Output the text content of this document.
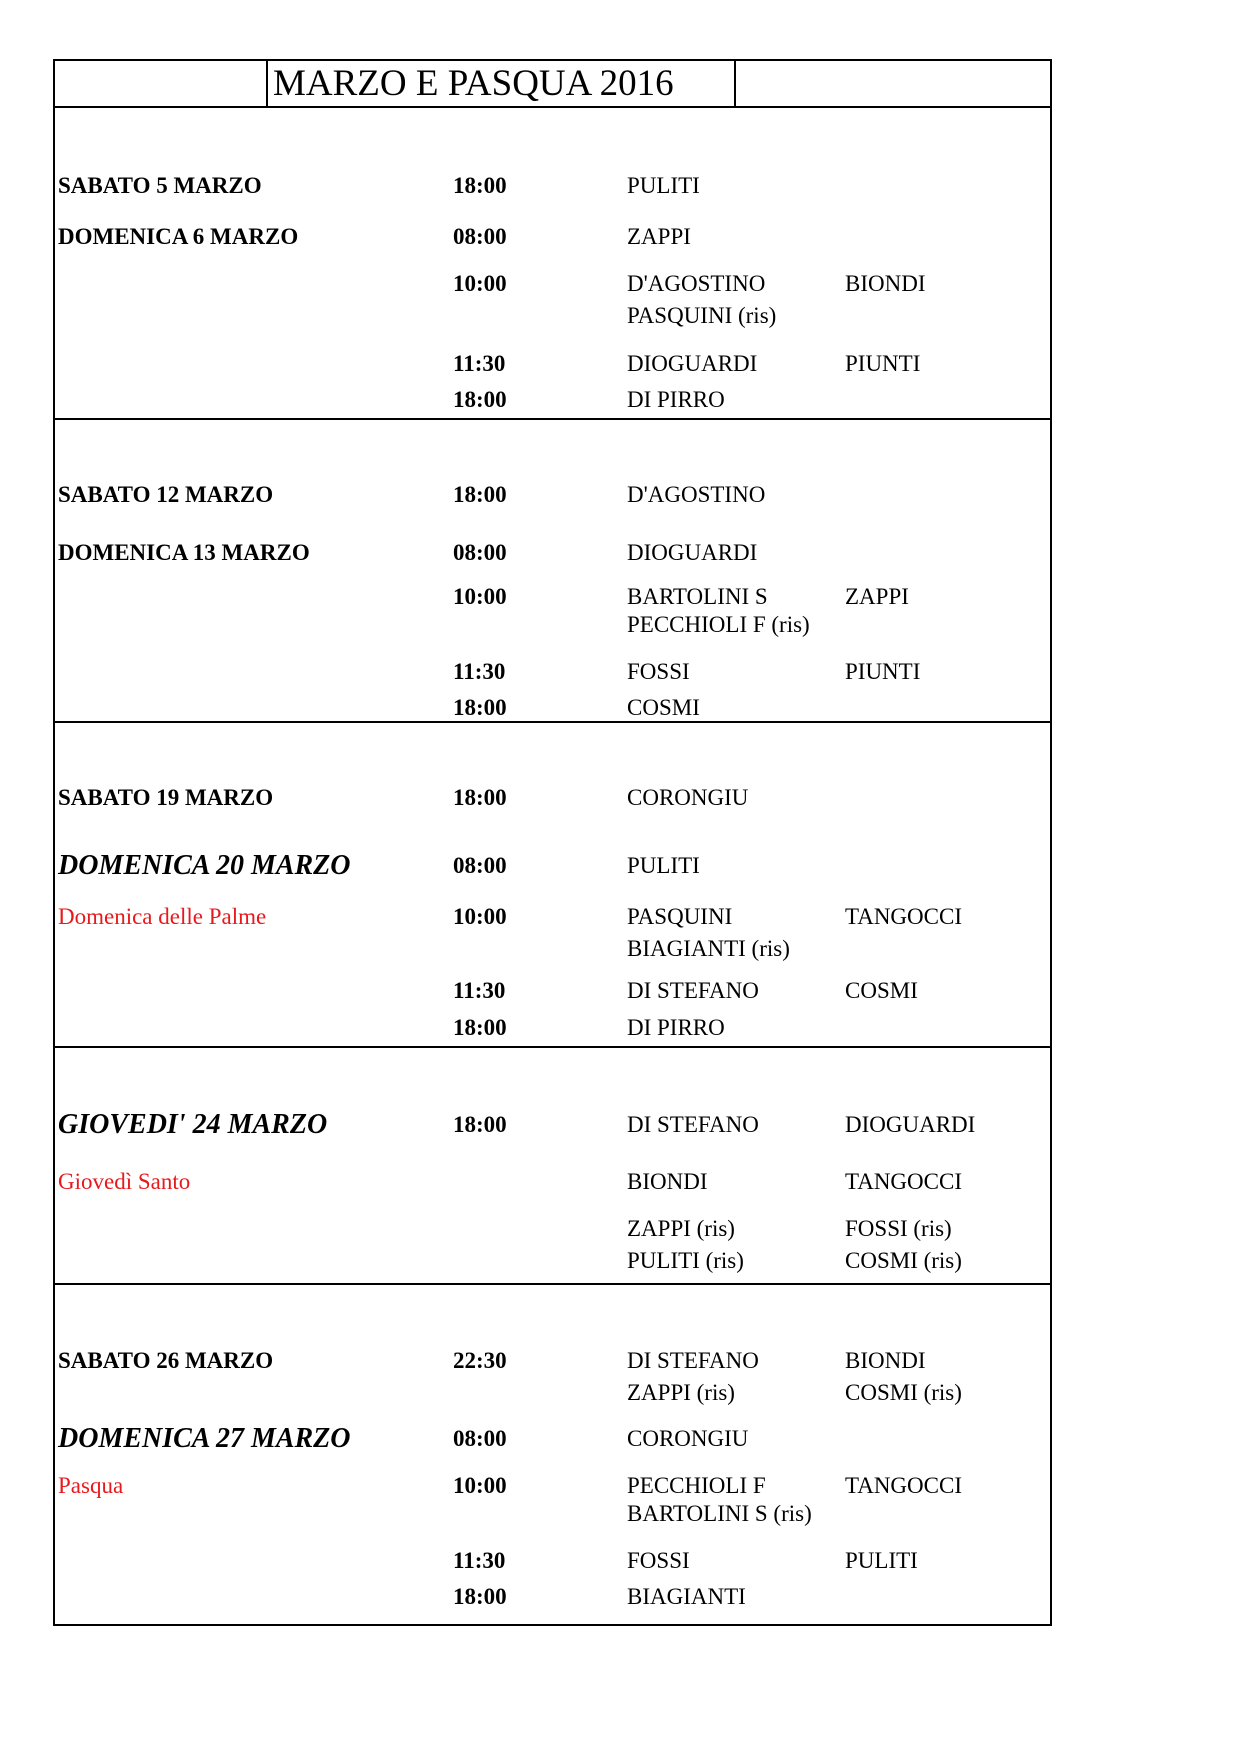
MARZO E PASQUA 2016
SABATO 5 MARZO	18:00	PULITI
DOMENICA 6 MARZO	08:00	ZAPPI
10:00	D'AGOSTINO	BIONDI
PASQUINI (ris)
11:30	DIOGUARDI	PIUNTI
18:00	DI PIRRO
SABATO 12 MARZO	18:00	D'AGOSTINO
DOMENICA 13 MARZO	08:00	DIOGUARDI
10:00	BARTOLINI S	ZAPPI
PECCHIOLI F (ris)
11:30	FOSSI	PIUNTI
18:00	COSMI
SABATO 19 MARZO	18:00	CORONGIU
DOMENICA 20 MARZO	08:00	PULITI
Domenica delle Palme	10:00	PASQUINI	TANGOCCI
BIAGIANTI (ris)
11:30	DI STEFANO	COSMI
18:00	DI PIRRO
GIOVEDI' 24 MARZO	18:00	DI STEFANO	DIOGUARDI
Giovedì Santo	BIONDI	TANGOCCI
ZAPPI (ris)	FOSSI (ris)
PULITI (ris)	COSMI (ris)
SABATO 26 MARZO	22:30	DI STEFANO	BIONDI
ZAPPI (ris)	COSMI (ris)
DOMENICA 27 MARZO	08:00	CORONGIU
Pasqua	10:00	PECCHIOLI F	TANGOCCI
BARTOLINI S (ris)
11:30	FOSSI	PULITI
18:00	BIAGIANTI
